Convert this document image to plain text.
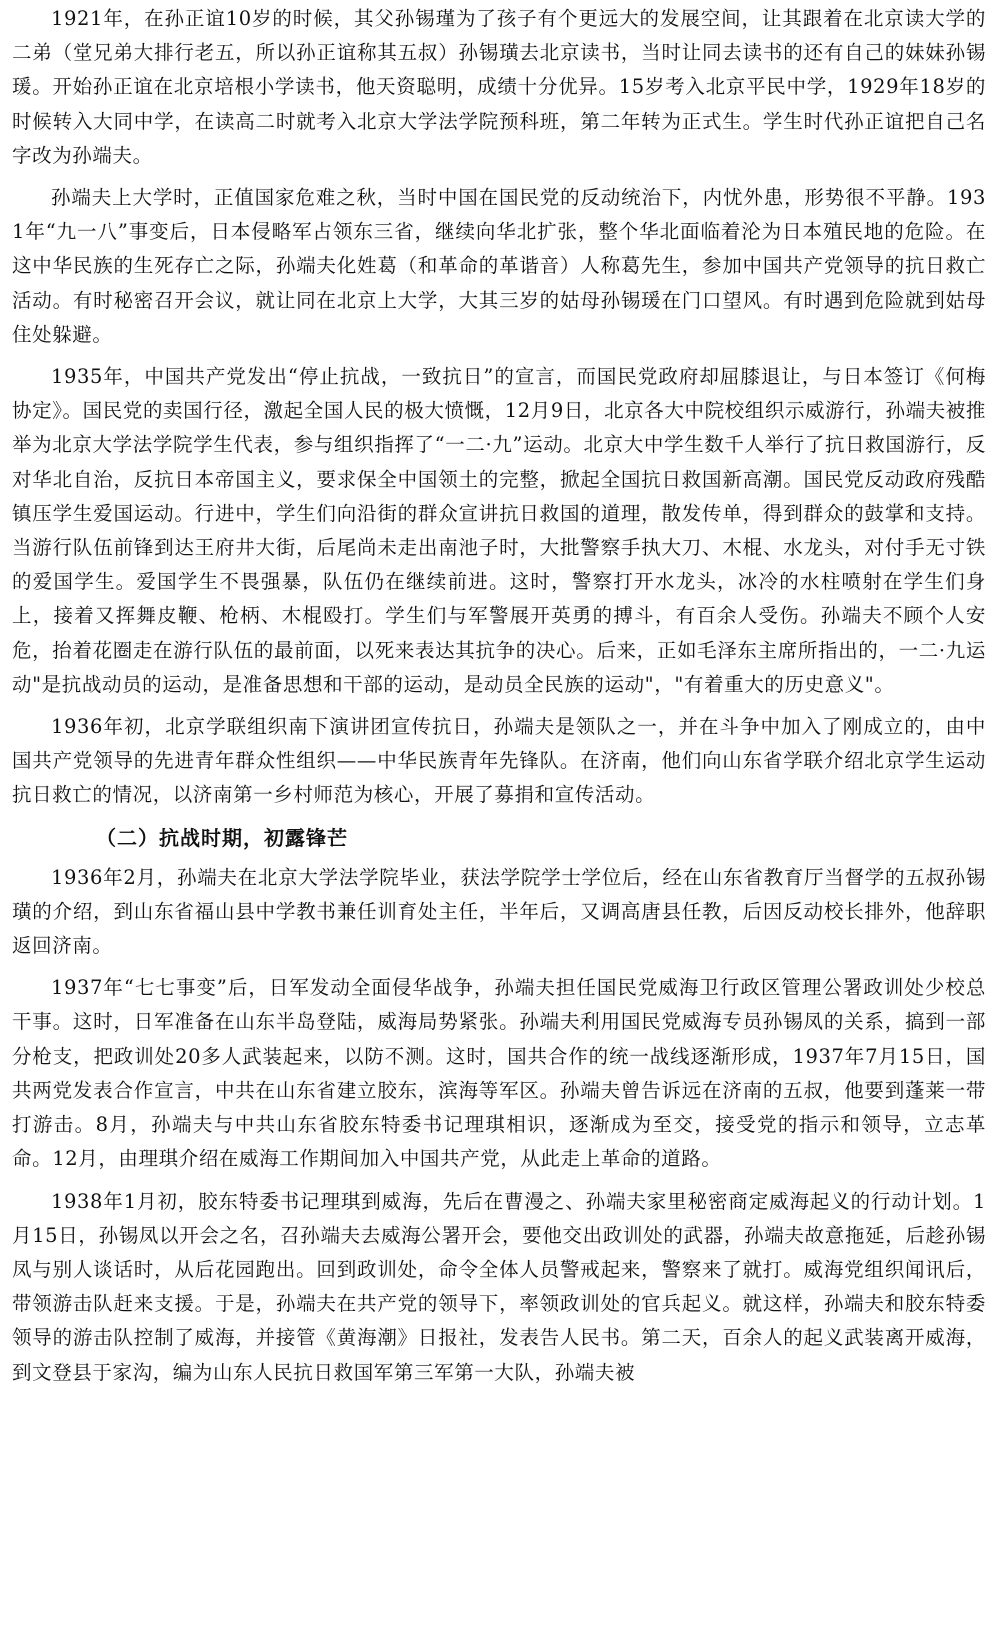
1921年，在孙正谊10岁的时候，其父孙锡瑾为了孩子有个更远大的发展空间，让其跟着在北京读大学的二弟（堂兄弟大排行老五，所以孙正谊称其五叔）孙锡璜去北京读书，当时让同去读书的还有自己的妹妹孙锡瑗。开始孙正谊在北京培根小学读书，他天资聪明，成绩十分优异。15岁考入北京平民中学，1929年18岁的时候转入大同中学，在读高二时就考入北京大学法学院预科班，第二年转为正式生。学生时代孙正谊把自己名字改为孙端夫。

孙端夫上大学时，正值国家危难之秋，当时中国在国民党的反动统治下，内忧外患，形势很不平静。1931年“九一八”事变后，日本侵略军占领东三省，继续向华北扩张，整个华北面临着沦为日本殖民地的危险。在这中华民族的生死存亡之际，孙端夫化姓葛（和革命的革谐音）人称葛先生，参加中国共产党领导的抗日救亡活动。有时秘密召开会议，就让同在北京上大学，大其三岁的姑母孙锡瑗在门口望风。有时遇到危险就到姑母住处躲避。

1935年，中国共产党发出“停止抗战，一致抗日”的宣言，而国民党政府却屈膝退让，与日本签订《何梅协定》。国民党的卖国行径，激起全国人民的极大愤慨，12月9日，北京各大中院校组织示威游行，孙端夫被推举为北京大学法学院学生代表，参与组织指挥了“一二·九”运动。北京大中学生数千人举行了抗日救国游行，反对华北自治，反抗日本帝国主义，要求保全中国领土的完整，掀起全国抗日救国新高潮。国民党反动政府残酷镇压学生爱国运动。行进中，学生们向沿街的群众宣讲抗日救国的道理，散发传单，得到群众的鼓掌和支持。当游行队伍前锋到达王府井大街，后尾尚未走出南池子时，大批警察手执大刀、木棍、水龙头，对付手无寸铁的爱国学生。爱国学生不畏强暴，队伍仍在继续前进。这时，警察打开水龙头，冰冷的水柱喷射在学生们身上，接着又挥舞皮鞭、枪柄、木棍殴打。学生们与军警展开英勇的搏斗，有百余人受伤。孙端夫不顾个人安危，抬着花圈走在游行队伍的最前面，以死来表达其抗争的决心。后来，正如毛泽东主席所指出的，一二·九运动"是抗战动员的运动，是准备思想和干部的运动，是动员全民族的运动"，"有着重大的历史意义"。

1936年初，北京学联组织南下演讲团宣传抗日，孙端夫是领队之一，并在斗争中加入了刚成立的，由中国共产党领导的先进青年群众性组织——中华民族青年先锋队。在济南，他们向山东省学联介绍北京学生运动抗日救亡的情况，以济南第一乡村师范为核心，开展了募捐和宣传活动。

（二）抗战时期，初露锋芒

1936年2月，孙端夫在北京大学法学院毕业，获法学院学士学位后，经在山东省教育厅当督学的五叔孙锡璜的介绍，到山东省福山县中学教书兼任训育处主任，半年后，又调高唐县任教，后因反动校长排外，他辞职返回济南。

1937年“七七事变”后，日军发动全面侵华战争，孙端夫担任国民党威海卫行政区管理公署政训处少校总干事。这时，日军准备在山东半岛登陆，威海局势紧张。孙端夫利用国民党威海专员孙锡凤的关系，搞到一部分枪支，把政训处20多人武装起来，以防不测。这时，国共合作的统一战线逐渐形成，1937年7月15日，国共两党发表合作宣言，中共在山东省建立胶东，滨海等军区。孙端夫曾告诉远在济南的五叔，他要到蓬莱一带打游击。8月，孙端夫与中共山东省胶东特委书记理琪相识，逐渐成为至交，接受党的指示和领导，立志革命。12月，由理琪介绍在威海工作期间加入中国共产党，从此走上革命的道路。

1938年1月初，胶东特委书记理琪到威海，先后在曹漫之、孙端夫家里秘密商定威海起义的行动计划。1月15日，孙锡凤以开会之名，召孙端夫去威海公署开会，要他交出政训处的武器，孙端夫故意拖延，后趁孙锡凤与别人谈话时，从后花园跑出。回到政训处，命令全体人员警戒起来，警察来了就打。威海党组织闻讯后，带领游击队赶来支援。于是，孙端夫在共产党的领导下，率领政训处的官兵起义。就这样，孙端夫和胶东特委领导的游击队控制了威海，并接管《黄海潮》日报社，发表告人民书。第二天，百余人的起义武装离开威海，到文登县于家沟，编为山东人民抗日救国军第三军第一大队，孙端夫被
